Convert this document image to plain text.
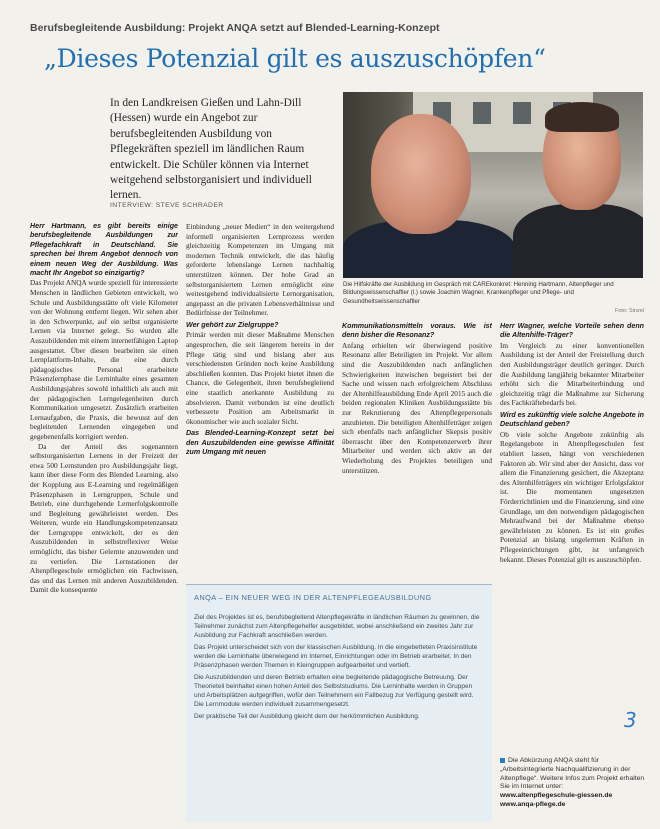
Berufsbegleitende Ausbildung: Projekt ANQA setzt auf Blended-Learning-Konzept
„Dieses Potenzial gilt es auszuschöpfen“
In den Landkreisen Gießen und Lahn-Dill (Hessen) wurde ein Angebot zur berufsbegleitenden Ausbildung von Pflegekräften speziell im ländlichen Raum entwickelt. Die Schüler können via Internet weitgehend selbstorganisiert und individuell lernen.
INTERVIEW: STEVE SCHRADER
Die Hilfskräfte der Ausbildung im Gespräch mit CAREkonkret: Henning Hartmann, Altenpfleger und Bildungswissenschaftler (l.) sowie Joachim Wagner, Krankenpfleger und Pflege- und Gesundheitswissenschaftler
Foto: Sinzel

Herr Hartmann, es gibt bereits einige berufsbegleitende Ausbildungen zur Pflegefachkraft in Deutschland. Sie sprechen bei Ihrem Angebot dennoch von einem neuen Weg der Ausbildung. Was macht Ihr Angebot so einzigartig?

Das Projekt ANQA wurde speziell für interessierte Menschen in ländlichen Gebieten entwickelt, wo Schule und Ausbildungsstätte oft viele Kilometer von der Wohnung entfernt liegen. Wir sehen aber in den Schwerpunkt, auf ein selbst organisierte Lernen via Internet gelegt. So wurden alle Auszubildenden mit einem internetfähigen Laptop ausgestattet. Über diesen bearbeiten sie einen Lernplattform-Inhalte, die eine durch pädagogisches Personal erarbeitete Präsenzlernphase die Lerninhalte eines gesamten Ausbildungsjahres sowohl inhaltlich als auch mit der pädagogischen Lerngelegenheiten durch Kommunikation umgesetzt. Zusätzlich erarbeiten Lernaufgaben, die Praxis, die bewusst auf den begleitenden Lernenden eingegeben und gegebenenfalls korrigiert werden.

Da der Anteil des sogenannten selbstorganisierten Lernens in der Freizeit der etwa 500 Lernstunden pro Ausbildungsjahr liegt, kann über diese Form des Blended Learning, also der Kopplung aus E-Learning und regelmäßigen Präsenzphasen in Lerngruppen, Schule und Betrieb, eine durchgehende Lernerfolgskontrolle und Begleitung gewährleistet werden. Des Weiteren, wurde ein Handlungskompetenzansatz der Lerngruppe entwickelt, der es den Auszubildenden in selbstreflexiver Weise ermöglicht, das bisher Gelernte anzuwenden und zu vertiefen. Die Lernstationen der Altenpflegeschule ermöglichen ein Fachwissen, das und das Lernen mit anderen Auszubildenden. Damit die konsequente

Einbindung „neuer Medien“ in den weitergehend informell organisierten Lernprozess werden gleichzeitig Kompetenzen im Umgang mit modernen Technik entwickelt, die das häufig geforderte lebenslange Lernen nachhaltig unterstützen können. Der hohe Grad an selbstorganisiertem Lernen ermöglicht eine weitestgehend individualisierte Lernorganisation, angepasst an die privaten Lebensverhältnisse und Bedürfnisse der Teilnehmer.

Wer gehört zur Zielgruppe?

Primär werden mit dieser Maßnahme Menschen angesprochen, die seit längerem bereits in der Pflege tätig sind und bislang aber aus verschiedensten Gründen noch keine Ausbildung abschließen konnten. Das Projekt bietet ihnen die Chance, die Gelegenheit, ihren berufsbegleitend eine staatlich anerkannte Ausbildung zu absolvieren. Damit verbunden ist eine deutlich verbesserte Position am Arbeitsmarkt in ökonomischer wie auch sozialer Sicht.

Das Blended-Learning-Konzept setzt bei den Auszubildenden eine gewisse Affinität zum Umgang mit neuen

Kommunikationsmitteln voraus. Wie ist denn bisher die Resonanz?

Anfang erhielten wir überwiegend positive Resonanz aller Beteiligten im Projekt. Vor allem sind die Auszubildenden nach anfänglichen Schwierigkeiten inzwischen begeistert bei der Sache und wissen nach erfolgreichem Abschluss der Altenhilfeausbildung Ende April 2015 auch die beiden regionalen Kliniken Ausbildungsstätte bis zur Rekrutierung des Altenpflegepersonals anzubieten. Die beteiligten Altenhilfeträger zeigen sich ebenfalls nach anfänglicher Skepsis positiv überrascht über den Kompetenzerwerb ihrer Mitarbeiter und werden sich aktiv an der Wiederholung des Projektes beteiligen und unterstützen.

Herr Wagner, welche Vorteile sehen denn die Altenhilfe-Träger?

Im Vergleich zu einer konventionellen Ausbildung ist der Anteil der Freistellung durch den Ausbildungsträger deutlich geringer. Durch die Ausbildung langjährig bekannter Mitarbeiter erhöht sich die Mitarbeiterbindung und gleichzeitig trägt die Maßnahme zur Sicherung des Fachkräftebedarfs bei.

Wird es zukünftig viele solche Angebote in Deutschland geben?

Ob viele solche Angebote zukünftig als Regelangebote in Altenpflegeschulen fest etabliert lassen, hängt von verschiedenen Faktoren ab. Wir sind aber der Ansicht, dass vor allem die Finanzierung gesichert, die Akzeptanz des Altenhilfeträgers ein wichtiger Erfolgsfaktor ist. Die momentanen ungesetzten Förderrichtlinien und die Finanzierung, sind eine Grundlage, um den notwendigen pädagogischen Mehraufwand bei der Maßnahme ebenso gewährleisten zu können. Es ist ein großes Potenzial an bislang ungelernten Kräften in Pflegeeinrichtungen gibt, ist unfangreich bekannt. Dieses Potenzial gilt es auszuschöpfen.

ANQA – EIN NEUER WEG IN DER ALTENPFLEGEAUSBILDUNG

Ziel des Projektes ist es, berufsbegleitend Altenpflegekräfte in ländlichen Räumen zu gewinnen, die Teilnehmer zunächst zum Altenpflegehelfer ausgebildet, wobei anschließend ein zweites Jahr zur Ausbildung zur Fachkraft anschließen werden.

Das Projekt unterscheidet sich von der klassischen Ausbildung. In die eingebetteten Praxisinstitute werden die Lerninhalte überwiegend im Internet, Einrichtungen oder im Betrieb erarbeitet. In den Präsenzphasen werden Themen in Kleingruppen aufgearbeitet und vertieft.

Die Auszubildenden und deren Betrieb erhalten eine begleitende pädagogische Betreuung. Der Theorieteil beinhaltet einen hohen Anteil des Selbststudiums. Die Lerninhalte werden in Gruppen und Arbeitsplätzen aufgegriffen, wofür den Teilnehmern ein Fallbezug zur Verfügung gestellt wird. Die Lernmodule werden individuell zusammengesetzt.

Der praktische Teil der Ausbildung gleicht dem der herkömmlichen Ausbildung.	3
Die Abkürzung ANQA steht für „Arbeitsintegrierte Nachqualifizierung in der Altenpflege“. Weitere Infos zum Projekt erhalten Sie im Internet unter:
www.altenpflegeschule-giessen.de
www.anqa-pflege.de
